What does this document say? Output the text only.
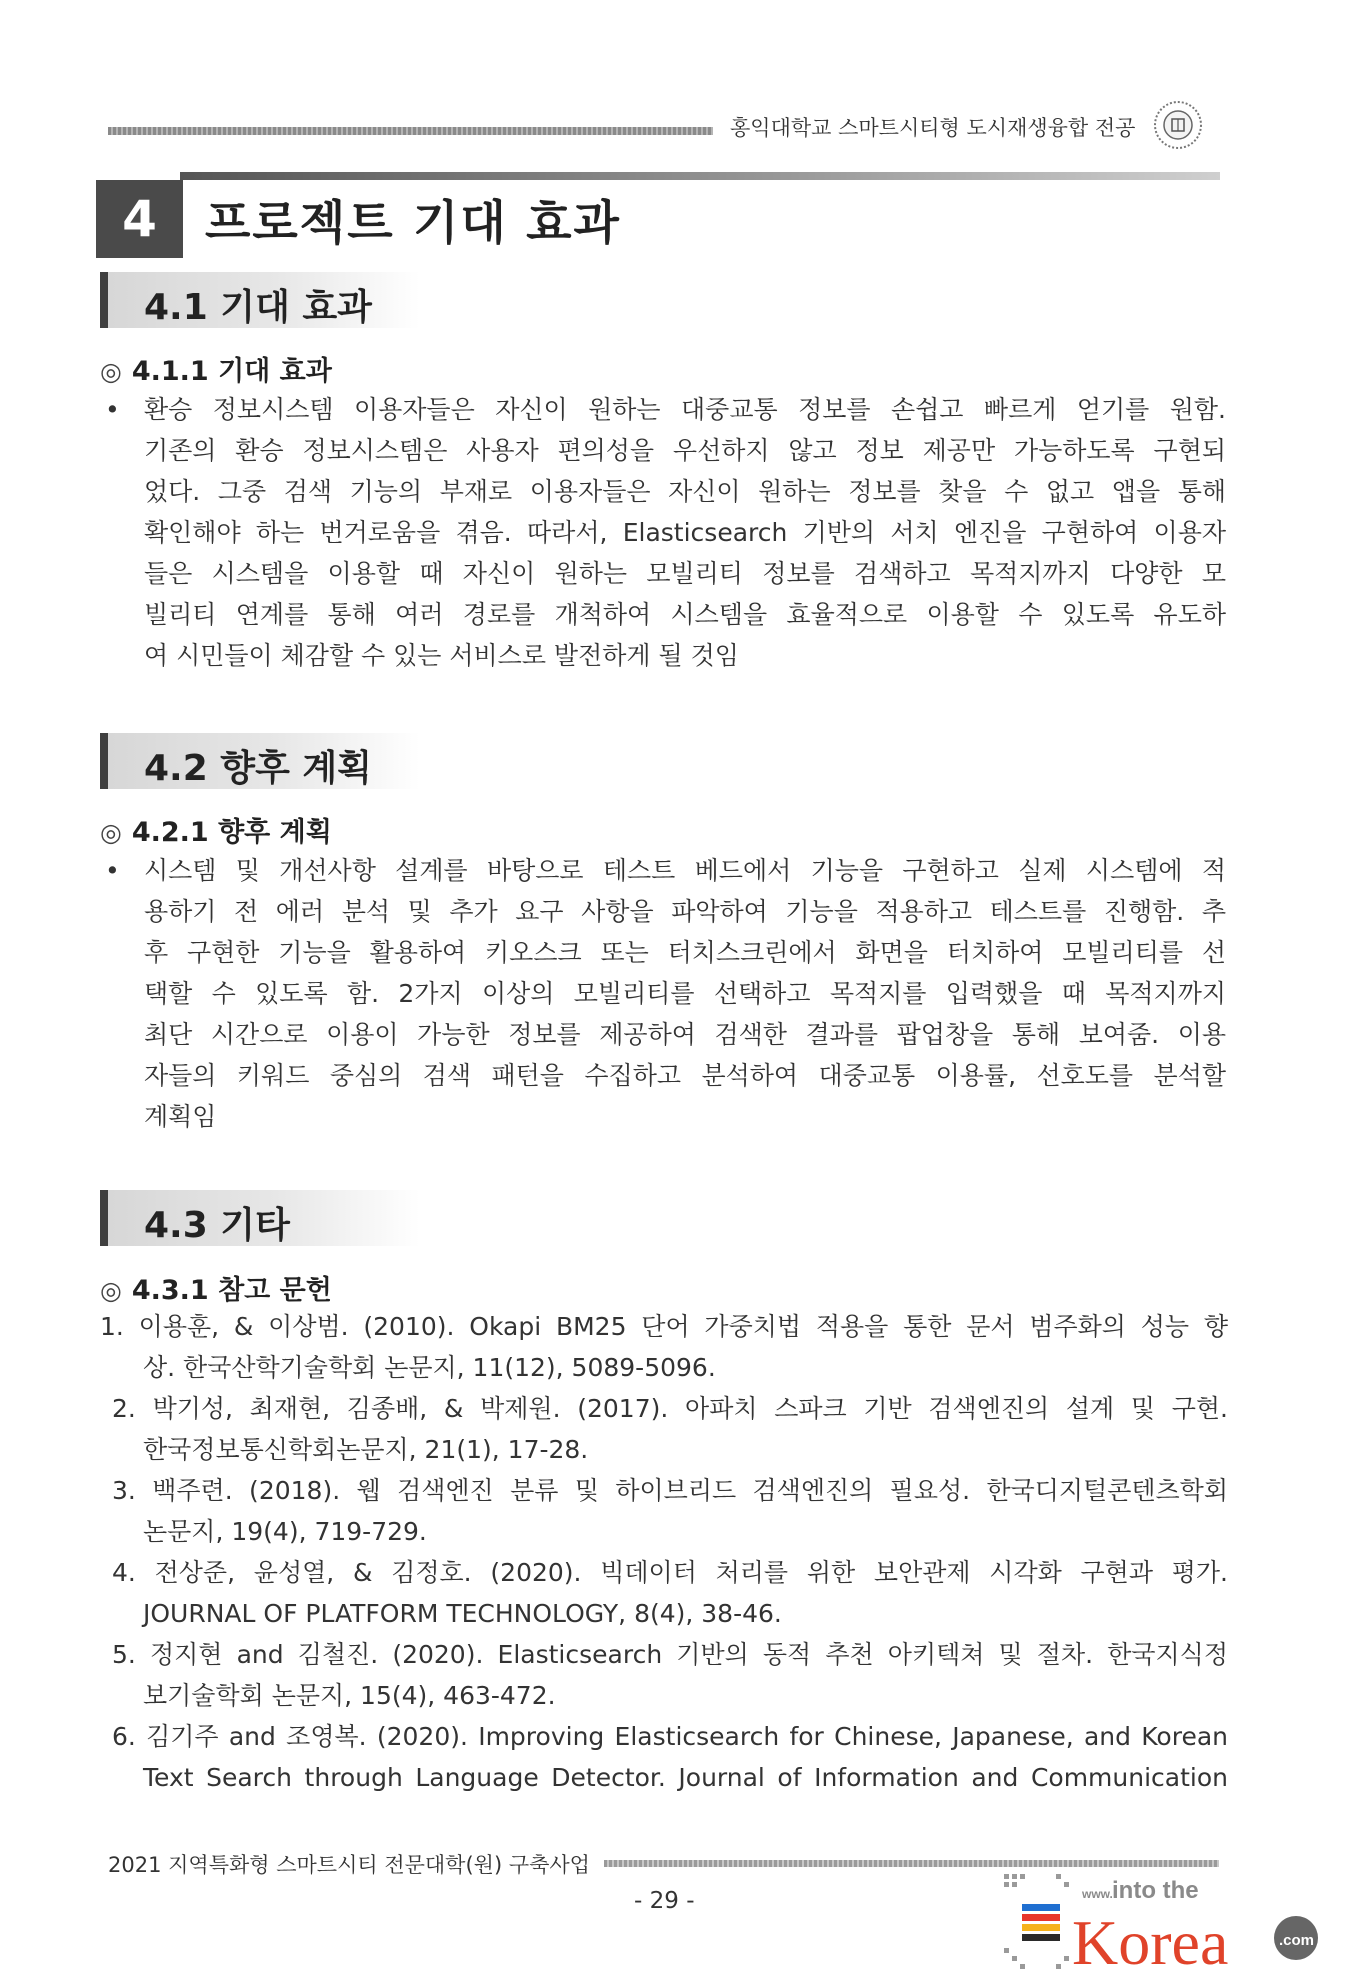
홍익대학교 스마트시티형 도시재생융합 전공
4	프로젝트 기대 효과
4.1 기대 효과
◎ 4.1.1 기대 효과
• 환승 정보시스템 이용자들은 자신이 원하는 대중교통 정보를 손쉽고 빠르게 얻기를 원함.
기존의 환승 정보시스템은 사용자 편의성을 우선하지 않고 정보 제공만 가능하도록 구현되
었다. 그중 검색 기능의 부재로 이용자들은 자신이 원하는 정보를 찾을 수 없고 앱을 통해
확인해야 하는 번거로움을 겪음. 따라서, Elasticsearch 기반의 서치 엔진을 구현하여 이용자
들은 시스템을 이용할 때 자신이 원하는 모빌리티 정보를 검색하고 목적지까지 다양한 모
빌리티 연계를 통해 여러 경로를 개척하여 시스템을 효율적으로 이용할 수 있도록 유도하
여 시민들이 체감할 수 있는 서비스로 발전하게 될 것임
4.2 향후 계획
◎ 4.2.1 향후 계획
• 시스템 및 개선사항 설계를 바탕으로 테스트 베드에서 기능을 구현하고 실제 시스템에 적
용하기 전 에러 분석 및 추가 요구 사항을 파악하여 기능을 적용하고 테스트를 진행함. 추
후 구현한 기능을 활용하여 키오스크 또는 터치스크린에서 화면을 터치하여 모빌리티를 선
택할 수 있도록 함. 2가지 이상의 모빌리티를 선택하고 목적지를 입력했을 때 목적지까지
최단 시간으로 이용이 가능한 정보를 제공하여 검색한 결과를 팝업창을 통해 보여줌. 이용
자들의 키워드 중심의 검색 패턴을 수집하고 분석하여 대중교통 이용률, 선호도를 분석할
계획임
4.3 기타
◎ 4.3.1 참고 문헌
1. 이용훈, & 이상범. (2010). Okapi BM25 단어 가중치법 적용을 통한 문서 범주화의 성능 향
상. 한국산학기술학회 논문지, 11(12), 5089-5096.
2. 박기성, 최재현, 김종배, & 박제원. (2017). 아파치 스파크 기반 검색엔진의 설계 및 구현.
한국정보통신학회논문지, 21(1), 17-28.
3. 백주련. (2018). 웹 검색엔진 분류 및 하이브리드 검색엔진의 필요성. 한국디지털콘텐츠학회
논문지, 19(4), 719-729.
4. 전상준, 윤성열, & 김정호. (2020). 빅데이터 처리를 위한 보안관제 시각화 구현과 평가.
JOURNAL OF PLATFORM TECHNOLOGY, 8(4), 38-46.
5. 정지현 and 김철진. (2020). Elasticsearch 기반의 동적 추천 아키텍쳐 및 절차. 한국지식정
보기술학회 논문지, 15(4), 463-472.
6. 김기주 and 조영복. (2020). Improving Elasticsearch for Chinese, Japanese, and Korean
Text Search through Language Detector. Journal of Information and Communication
2021 지역특화형 스마트시티 전문대학(원) 구축사업
- 29 -	www. into the
Korea	.com
